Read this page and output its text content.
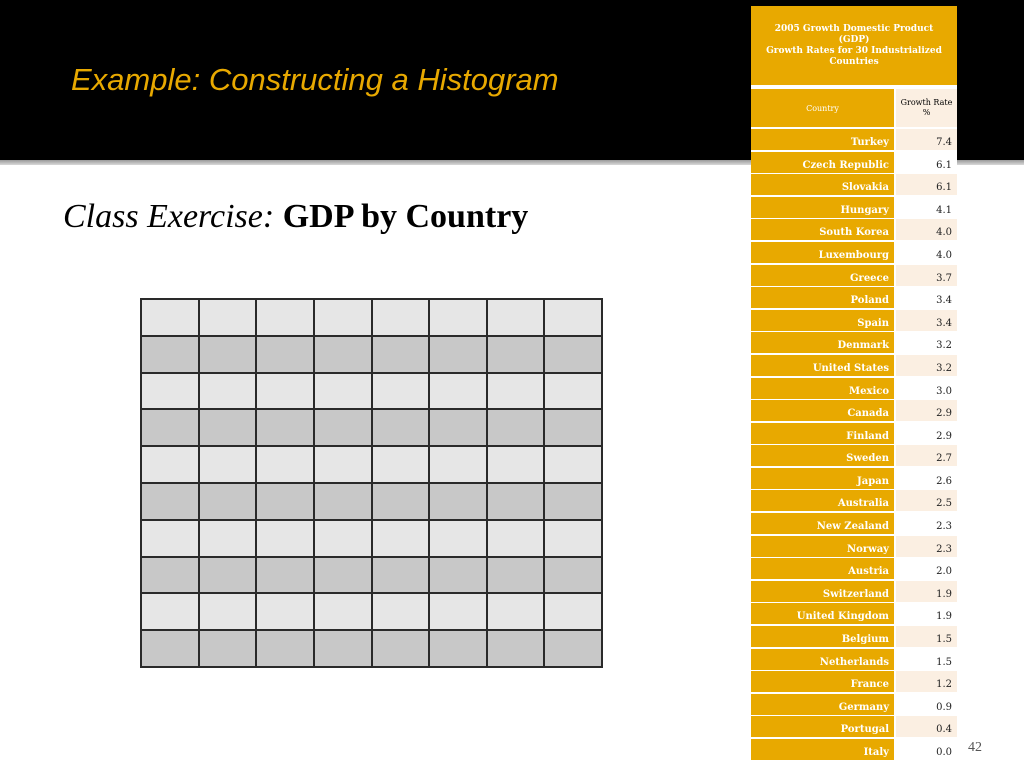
Example: Constructing a Histogram
Class Exercise: GDP by Country

2005 Growth Domestic Product
(GDP)
Growth Rates for 30 Industrialized
Countries
Country
Growth Rate
%
Turkey	7.4
Czech Republic	6.1
Slovakia	6.1
Hungary	4.1
South Korea	4.0
Luxembourg	4.0
Greece	3.7
Poland	3.4
Spain	3.4
Denmark	3.2
United States	3.2
Mexico	3.0
Canada	2.9
Finland	2.9
Sweden	2.7
Japan	2.6
Australia	2.5
New Zealand	2.3
Norway	2.3
Austria	2.0
Switzerland	1.9
United Kingdom	1.9
Belgium	1.5
Netherlands	1.5
France	1.2
Germany	0.9
Portugal	0.4
Italy	0.0	42
